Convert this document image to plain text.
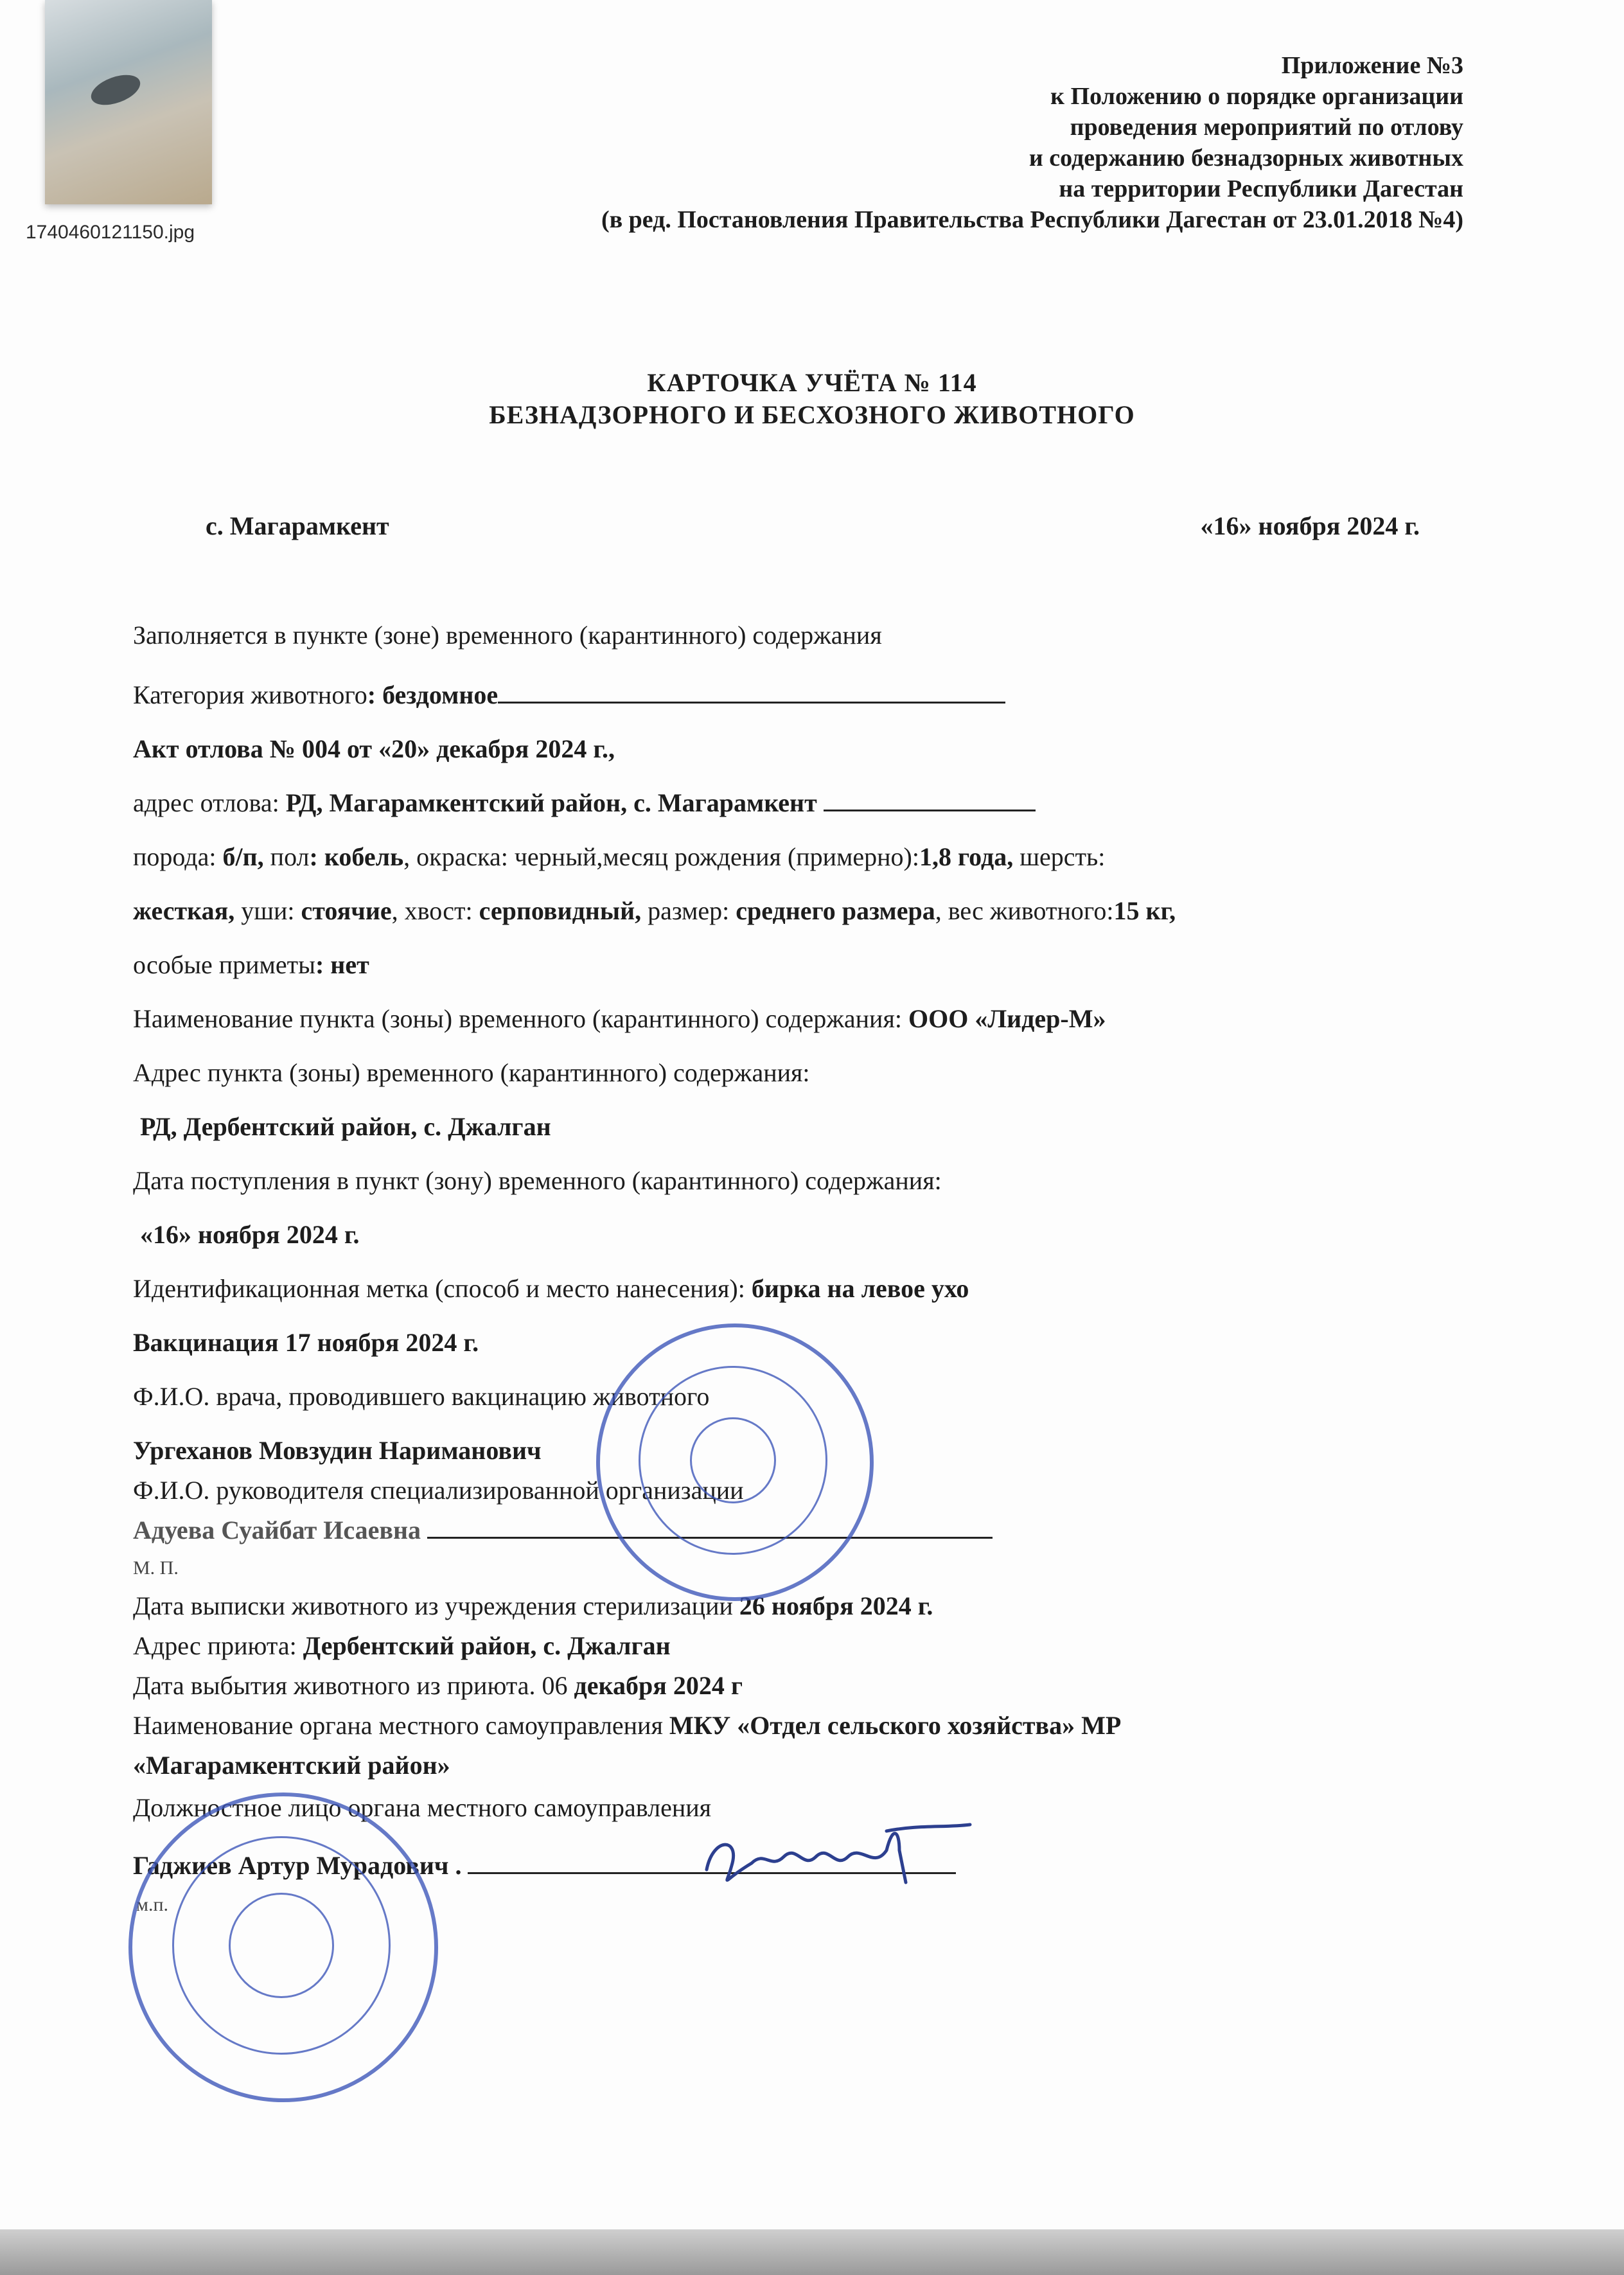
1740460121150.jpg
Приложение №3
к Положению о порядке организации
проведения мероприятий по отлову
и содержанию безнадзорных животных
на территории Республики Дагестан
(в ред. Постановления Правительства Республики Дагестан от 23.01.2018 №4)
КАРТОЧКА УЧЁТА № 114
БЕЗНАДЗОРНОГО И БЕСХОЗНОГО ЖИВОТНОГО
с. Магарамкент	«16» ноября 2024 г.
Заполняется в пункте (зоне) временного (карантинного) содержания
Категория животного: бездомное
Акт отлова № 004 от «20» декабря 2024 г.,
адрес отлова: РД, Магарамкентский район, с. Магарамкент
порода: б/п, пол: кобель, окраска: черный,месяц рождения (примерно):1,8 года, шерсть:
жесткая, уши: стоячие, хвост: серповидный, размер: среднего размера, вес животного:15 кг,
особые приметы: нет
Наименование пункта (зоны) временного (карантинного) содержания: ООО «Лидер-М»
Адрес пункта (зоны) временного (карантинного) содержания:
РД, Дербентский район, с. Джалган
Дата поступления в пункт (зону) временного (карантинного) содержания:
«16» ноября 2024 г.
Идентификационная метка (способ и место нанесения): бирка на левое ухо
Вакцинация 17 ноября 2024 г.
Ф.И.О. врача, проводившего вакцинацию животного
Ургеханов Мовзудин Нариманович
Ф.И.О. руководителя специализированной организации
Адуева Суайбат Исаевна
М. П.
Дата выписки животного из учреждения стерилизации 26 ноября 2024 г.
Адрес приюта: Дербентский район, с. Джалган
Дата выбытия животного из приюта. 06 декабря 2024 г
Наименование органа местного самоуправления МКУ «Отдел сельского хозяйства» МР
«Магарамкентский район»
Должностное лицо органа местного самоуправления
Гаджиев Артур Мурадович .
м.п.
